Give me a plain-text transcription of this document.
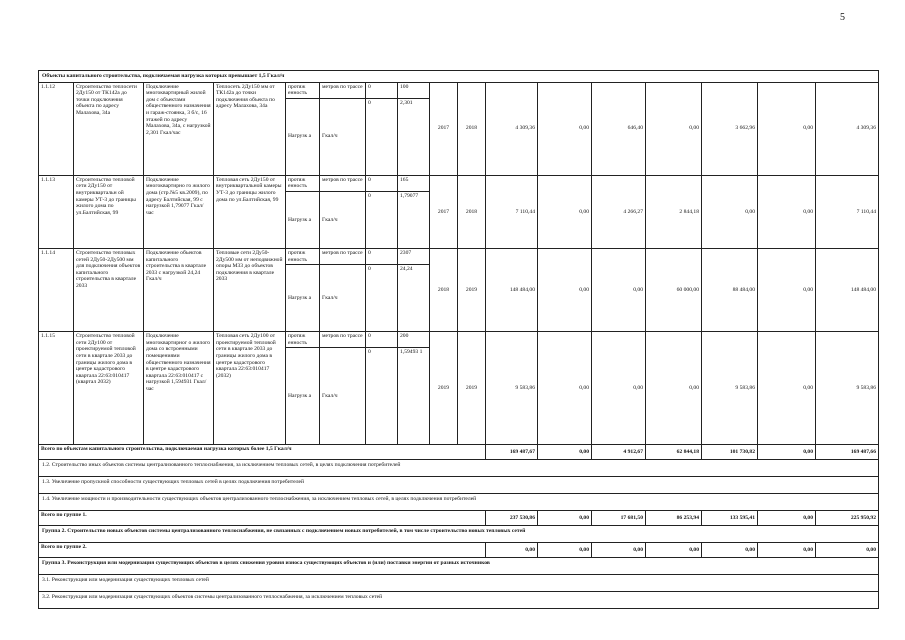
5
Объекты капитального строительства, подключаемая нагрузка которых превышает 1,5 Гкал/ч																
1.1.12	Строительство теплосети 2Ду150 от ТК142а до точки подключения объекта по адресу Малахова, 34а	Подключение многоквартирный жилой дом с объектами общественного назначения и гараж-стоянка, 3 б/с, 16 этажей по адресу Малахова, 34а, с нагрузкой 2,301 Гкал/час	Теплосеть 2Ду150 мм от ТК142а до точки подключения объекта по адресу Малахова, 34а	протяж енность	метров по трассе	0	100	2017	2018	4 309,36	0,00	646,40	0,00	3 662,96	0,00	4 309,36
				Нагрузк а	Гкал/ч	0	2,301									
1.1.13	Строительство тепловой сети 2Ду150 от внутриквартальн ой камеры УТ-3 до границы жилого дома по ул.Балтийская, 99	Подключение многоквартирно го жилого дома (стр.№5 кв.2009), по адресу Балтийская, 99 с нагрузкой 1,79077 Гкал/час	Тепловая сеть 2Ду150 от внутриквартальной камеры УТ-3 до границы жилого дома по ул.Балтийская, 99	протяж енность	метров по трассе	0	165	2017	2018	7 110,44	0,00	4 266,27	2 844,18	0,00	0,00	7 110,44
				Нагрузк а	Гкал/ч	0	1,79077									
1.1.14	Строительство тепловых сетей 2Ду50-2Ду500 мм для подключения объектов капитального строительства в квартале 2033	Подключение объектов капитального строительства в квартале 2033 с нагрузкой 24,24 Гкал/ч	Тепловые сети 2Ду50-2Ду500 мм от неподвижной опоры М33 до объектов подключения в квартале 2033	протяж енность	метров по трассе	0	2307	2018	2019	148 484,00	0,00	0,00	60 000,00	88 484,00	0,00	148 484,00
				Нагрузк а	Гкал/ч	0	24,24									
1.1.15	Строительство тепловой сети 2Ду100 от проектируемой тепловой сети в квартале 2033 до границы жилого дома в центре кадастрового квартала 22:63:010417 (квартал 2032)	Подключение многоквартирног о жилого дома со встроенными помещениями общественного назначения в центре кадастрового квартала 22:63:010417 с нагрузкой 1,594931 Гкал/час	Тепловая сеть 2Ду100 от проектируемой тепловой сети в квартале 2033 до границы жилого дома в центре кадастрового квартала 22:63:010417 (2032)	протяж енность	метров по трассе	0	200	2019	2019	9 583,86	0,00	0,00	0,00	9 583,86	0,00	9 583,86
				Нагрузк а	Гкал/ч	0	1,59493 1									
Всего по объектам капитального строительства, подключаемая нагрузка которых более 1,5 Гкал/ч										169 487,67	0,00	4 912,67	62 844,18	101 730,82	0,00	169 487,66
1.2. Строительство иных объектов системы централизованного теплоснабжения, за исключением тепловых сетей, в целях подключения потребителей																
1.3. Увеличение пропускной способности существующих тепловых сетей в целях подключения потребителей																
1.4. Увеличение мощности и производительности существующих объектов централизованного теплоснабжения, за исключением тепловых сетей, в целях подключения потребителей																
Всего по группе 1.										237 530,86	0,00	17 681,50	86 253,94	133 595,41	0,00	225 950,92
Группа 2. Строительство новых объектов системы централизованного теплоснабжения, не связанных с подключением новых потребителей, в том числе строительство новых тепловых сетей																
Всего по группе 2.										0,00	0,00	0,00	0,00	0,00	0,00	0,00
Группа 3. Реконструкция или модернизация существующих объектов в целях снижения уровня износа существующих объектов и (или) поставки энергии от разных источников																
3.1. Реконструкция или модернизация существующих тепловых сетей																
3.2. Реконструкция или модернизация существующих объектов системы централизованного теплоснабжения, за исключением тепловых сетей																
